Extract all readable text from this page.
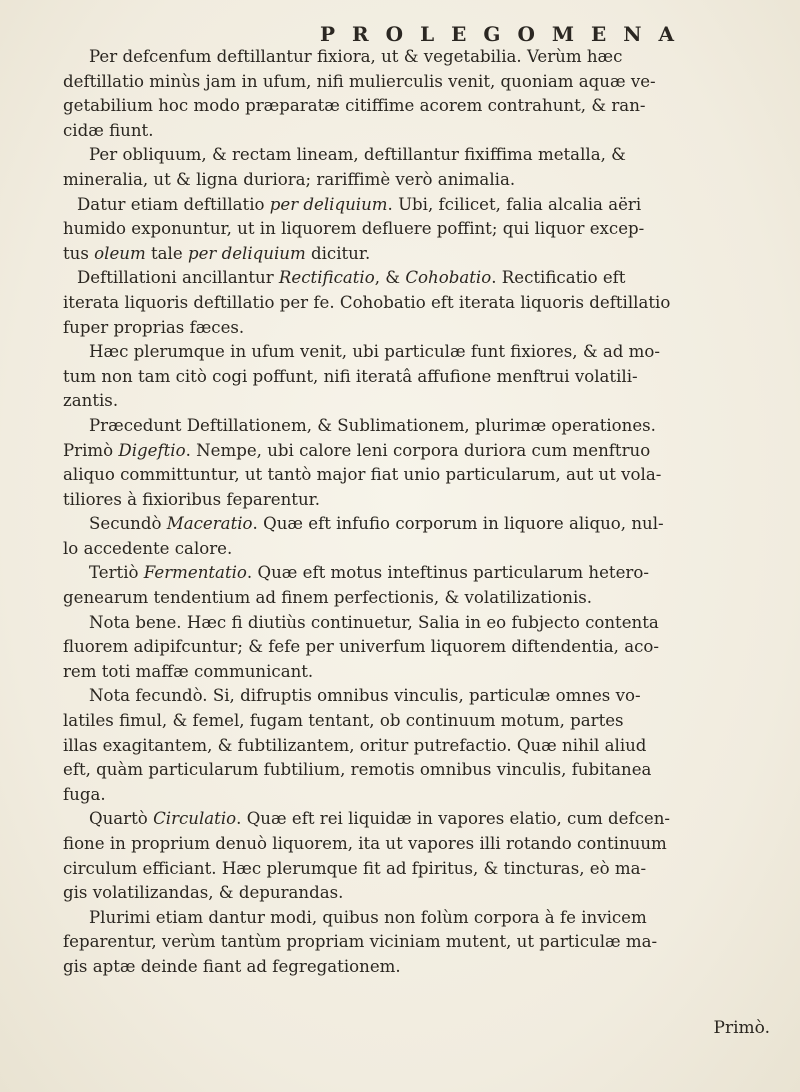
PROLEGOMENA

Per defcenfum deftillantur fixiora, ut & vegetabilia. Verùm hæc

deftillatio minùs jam in ufum, nifi mulierculis venit, quoniam aquæ ve-

getabilium hoc modo præparatæ citiffime acorem contrahunt, & ran-

cidæ fiunt.

Per obliquum, & rectam lineam, deftillantur fixiffima metalla, &

mineralia, ut & ligna duriora; rariffimè verò animalia.

Datur etiam deftillatio per deliquium. Ubi, fcilicet, falia alcalia aëri

humido exponuntur, ut in liquorem defluere poffint; qui liquor excep-

tus oleum tale per deliquium dicitur.

Deftillationi ancillantur Rectificatio, & Cohobatio. Rectificatio eft

iterata liquoris deftillatio per fe. Cohobatio eft iterata liquoris deftillatio

fuper proprias fæces.

Hæc plerumque in ufum venit, ubi particulæ funt fixiores, & ad mo-

tum non tam citò cogi poffunt, nifi iteratâ affufione menftrui volatili-

zantis.

Præcedunt Deftillationem, & Sublimationem, plurimæ operationes.

Primò Digeftio. Nempe, ubi calore leni corpora duriora cum menftruo

aliquo committuntur, ut tantò major fiat unio particularum, aut ut vola-

tiliores à fixioribus feparentur.

Secundò Maceratio. Quæ eft infufio corporum in liquore aliquo, nul-

lo accedente calore.

Tertiò Fermentatio. Quæ eft motus inteftinus particularum hetero-

genearum tendentium ad finem perfectionis, & volatilizationis.

Nota bene. Hæc fi diutiùs continuetur, Salia in eo fubjecto contenta

fluorem adipifcuntur; & fefe per univerfum liquorem diftendentia, aco-

rem toti maffæ communicant.

Nota fecundò. Si, difruptis omnibus vinculis, particulæ omnes vo-

latiles fimul, & femel, fugam tentant, ob continuum motum, partes

illas exagitantem, & fubtilizantem, oritur putrefactio. Quæ nihil aliud

eft, quàm particularum fubtilium, remotis omnibus vinculis, fubitanea

fuga.

Quartò Circulatio. Quæ eft rei liquidæ in vapores elatio, cum defcen-

fione in proprium denuò liquorem, ita ut vapores illi rotando continuum

circulum efficiant. Hæc plerumque fit ad fpiritus, & tincturas, eò ma-

gis volatilizandas, & depurandas.

Plurimi etiam dantur modi, quibus non folùm corpora à fe invicem

feparentur, verùm tantùm propriam viciniam mutent, ut particulæ ma-

gis aptæ deinde fiant ad fegregationem.

Primò.
